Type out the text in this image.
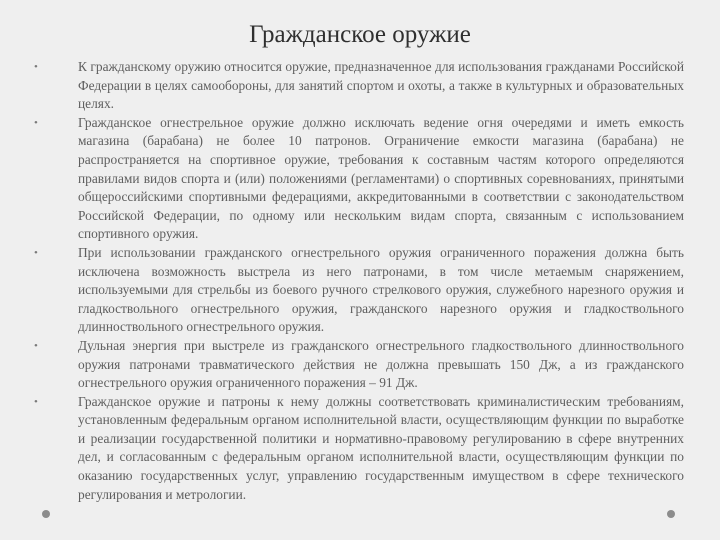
Гражданское оружие
•	К гражданскому оружию относится оружие, предназначенное для использования гражданами Российской Федерации в целях самообороны, для занятий спортом и охоты, а также в культурных и образовательных целях.
•	Гражданское огнестрельное оружие должно исключать ведение огня очередями и иметь емкость магазина (барабана) не более 10 патронов. Ограничение емкости магазина (барабана) не распространяется на спортивное оружие, требования к составным частям которого определяются правилами видов спорта и (или) положениями (регламентами) о спортивных соревнованиях, принятыми общероссийскими спортивными федерациями, аккредитованными в соответствии с законодательством Российской Федерации, по одному или нескольким видам спорта, связанным с использованием спортивного оружия.
•	При использовании гражданского огнестрельного оружия ограниченного поражения должна быть исключена возможность выстрела из него патронами, в том числе метаемым снаряжением, используемыми для стрельбы из боевого ручного стрелкового оружия, служебного нарезного оружия и гладкоствольного огнестрельного оружия, гражданского нарезного оружия и гладкоствольного длинноствольного огнестрельного оружия.
•	Дульная энергия при выстреле из гражданского огнестрельного гладкоствольного длинноствольного оружия патронами травматического действия не должна превышать 150 Дж, а из гражданского огнестрельного оружия ограниченного поражения – 91 Дж.
•	Гражданское оружие и патроны к нему должны соответствовать криминалистическим требованиям, установленным федеральным органом исполнительной власти, осуществляющим функции по выработке и реализации государственной политики и нормативно-правовому регулированию в сфере внутренних дел, и согласованным с федеральным органом исполнительной власти, осуществляющим функции по оказанию государственных услуг, управлению государственным имуществом в сфере технического регулирования и метрологии.
